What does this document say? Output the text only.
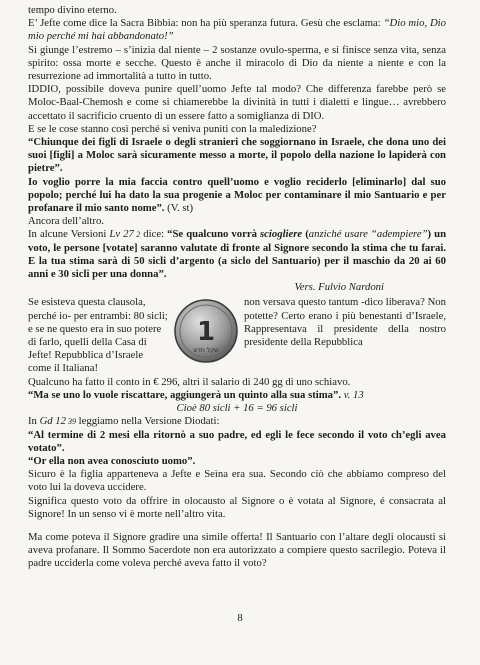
tempo divino eterno.

E’ Jefte come dice la Sacra Bibbia: non ha più speranza futura. Gesù che esclama: “Dio mio, Dio mio perché mi hai abbandonato!”

Si giunge l’estremo – s’inizia dal niente – 2 sostanze ovulo-sperma, e si finisce senza vita, senza spirito: ossa morte e secche. Questo è anche il miracolo di Dio da niente a niente e con la resurrezione ad immortalità a tutto in tutto.

IDDIO, possibile doveva punire quell’uomo Jefte tal modo? Che differenza farebbe però se Moloc-Baal-Chemosh e come si chiamerebbe la divinità in tutti i dialetti e lingue… avrebbero accettato il sacrificio cruento di un essere fatto a somiglianza di DIO.

E se le cose stanno così perché si veniva puniti con la maledizione?

“Chiunque dei figli di Israele o degli stranieri che soggiornano in Israele, che dona uno dei suoi [figli] a Moloc sarà sicuramente messo a morte, il popolo della nazione lo lapiderà con pietre”.

Io voglio porre la mia faccia contro quell’uomo e voglio reciderlo [eliminarlo] dal suo popolo; perché lui ha dato la sua progenie a Moloc per contaminare il mio Santuario e per profanare il mio santo nome”. (V. st)

Ancora dell’altro.

In alcune Versioni Lv 27 2 dice: “Se qualcuno vorrà sciogliere (anziché usare “adempiere”) un voto, le persone [votate] saranno valutate di fronte al Signore secondo la stima che tu farai. E la tua stima sarà di 50 sicli d’argento (a siclo del Santuario) per il maschio da 20 ai 60 anni e 30 sicli per una donna”.

Vers. Fulvio Nardoni

Se esisteva questa clausola, perché io- per entrambi: 80 sicli; e se ne questo era in suo potere di farlo, quelli della Casa di Jefte! Repubblica d’Israele come il Italiana!
1
שקל חדש
non versava questo tantum -dico liberava? Non potette? Certo erano i più benestanti d’Israele, Rappresentava il presidente della nostro presidente della Repubblica

Qualcuno ha fatto il conto in € 296, altri il salario di 240 gg di uno schiavo.

“Ma se uno lo vuole riscattare, aggiungerà un quinto alla sua stima”. v. 13

Cioè 80 sicli + 16 = 96 sicli

In Gd 12 39 leggiamo nella Versione Diodati:

“Al termine di 2 mesi ella ritornò a suo padre, ed egli le fece secondo il voto ch’egli avea votato”.

“Or ella non avea conosciuto uomo”.

Sicuro è la figlia apparteneva a Jefte e Seìna era sua. Secondo ciò che abbiamo compreso del voto lui la doveva uccidere.

Significa questo voto da offrire in olocausto al Signore o è votata al Signore, é consacrata al Signore! In un senso vi è morte nell’altro vita.

Ma come poteva il Signore gradire una simile offerta! Il Santuario con l’altare degli olocausti si aveva profanare. Il Sommo Sacerdote non era autorizzato a compiere questo sacrilegio. Poteva il padre ucciderla come voleva perché aveva fatto il voto?

8
